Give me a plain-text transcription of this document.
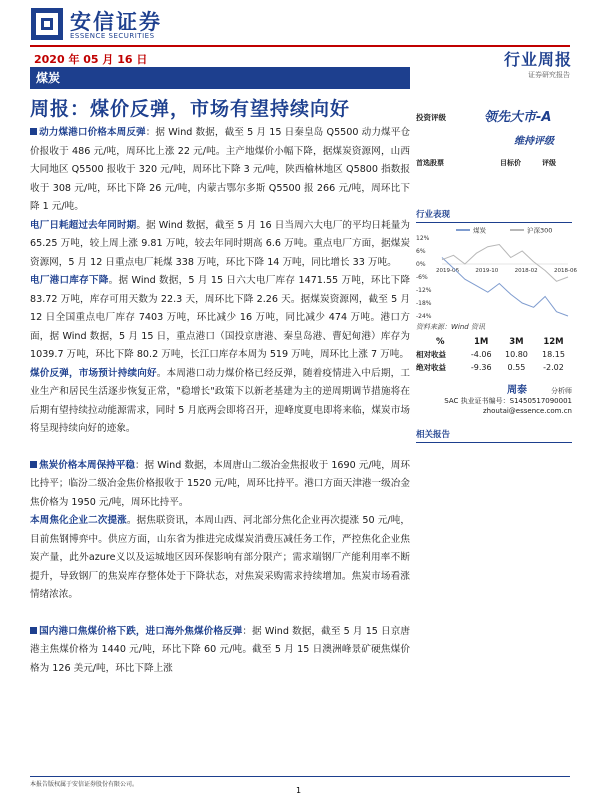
安信证券
ESSENCE SECURITIES
2020 年 05 月 16 日	行业周报
煤炭	证券研究报告
周报：煤价反弹，市场有望持续向好

动力煤港口价格本周反弹：据 Wind 数据，截至 5 月 15 日秦皇岛 Q5500 动力煤平仓价报收于 486 元/吨，周环比上涨 22 元/吨。主产地煤价小幅下降，据煤炭资源网，山西大同地区 Q5500 报收于 320 元/吨，周环比下降 3 元/吨，陕西榆林地区 Q5800 指数报收于 308 元/吨，环比下降 26 元/吨，内蒙古鄂尔多斯 Q5500 报 266 元/吨，周环比下降 1 元/吨。

电厂日耗超过去年同时期。据 Wind 数据，截至 5 月 16 日当周六大电厂的平均日耗量为 65.25 万吨，较上周上涨 9.81 万吨，较去年同时期高 6.6 万吨。重点电厂方面，据煤炭资源网，5 月 12 日重点电厂耗煤 338 万吨，环比下降 14 万吨，同比增长 33 万吨。

电厂港口库存下降。据 Wind 数据，5 月 15 日六大电厂库存 1471.55 万吨，环比下降 83.72 万吨，库存可用天数为 22.3 天，周环比下降 2.26 天。据煤炭资源网，截至 5 月 12 日全国重点电厂库存 7403 万吨，环比减少 16 万吨，同比减少 474 万吨。港口方面，据 Wind 数据，5 月 15 日，重点港口（国投京唐港、秦皇岛港、曹妃甸港）库存为 1039.7 万吨，环比下降 80.2 万吨，长江口库存本周为 519 万吨，周环比上涨 7 万吨。

煤价反弹，市场预计持续向好。本周港口动力煤价格已经反弹，随着疫情进入中后期，工业生产和居民生活逐步恢复正常，"稳增长"政策下以新老基建为主的逆周期调节措施将在后期有望持续拉动能源需求，同时 5 月底两会即将召开，迎峰度夏电即将来临，煤炭市场将呈现持续向好的迹象。

焦炭价格本周保持平稳：据 Wind 数据，本周唐山二级冶金焦报收于 1690 元/吨，周环比持平；临汾二级冶金焦价格报收于 1520 元/吨，周环比持平。港口方面天津港一级冶金焦价格为 1950 元/吨，周环比持平。

本周焦化企业二次提涨。据焦联资讯，本周山西、河北部分焦化企业再次提涨 50 元/吨，目前焦钢博弈中。供应方面，山东省为推进完成煤炭消费压减任务工作，严控焦化企业焦炭产量，此外azure义以及运城地区因环保影响有部分限产；需求端钢厂产能利用率不断提升，导致钢厂的焦炭库存整体处于下降状态，对焦炭采购需求持续增加。焦炭市场看涨情绪浓浓。

国内港口焦煤价格下跌，进口海外焦煤价格反弹：据 Wind 数据，截至 5 月 15 日京唐港主焦煤价格为 1440 元/吨，环比下降 60 元/吨。截至 5 月 15 日澳洲峰景矿硬焦煤价格为 126 美元/吨，环比下降上涨

投资评级	领先大市-A
维持评级
首选股票	目标价	评级
行业表现
12%
6%
0%
-6%
-12%
-18%
-24%
2019-06	2019-10	2018-02	2018-06
煤炭	沪深300
资料来源：Wind 资讯
%	1M	3M	12M
相对收益	-4.06	10.80	18.15
绝对收益	-9.36	0.55	-2.02
周泰	分析师
SAC 执业证书编号：S1450517090001
zhoutai@essence.com.cn
相关报告
本报告版权属于安信证券股份有限公司。
1
